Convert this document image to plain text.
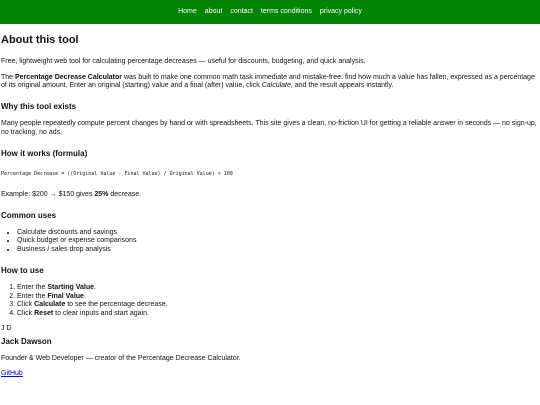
Home about contact terms conditions privacy policy
About this tool

Free, lightweight web tool for calculating percentage decreases — useful for discounts, budgeting, and quick analysis.

The Percentage Decrease Calculator was built to make one common math task immediate and mistake-free: find how much a value has fallen, expressed as a percentage of its original amount. Enter an original (starting) value and a final (after) value, click Calculate, and the result appears instantly.

Why this tool exists

Many people repeatedly compute percent changes by hand or with spreadsheets. This site gives a clean, no-friction UI for getting a reliable answer in seconds — no sign-up, no tracking, no ads.

How it works (formula)

Percentage Decrease = ((Original Value - Final Value) / Original Value) × 100

Example: $200 → $150 gives 25% decrease.

Common uses
• Calculate discounts and savings
• Quick budget or expense comparisons
• Business / sales drop analysis
How to use
1. Enter the Starting Value.
2. Enter the Final Value.
3. Click Calculate to see the percentage decrease.
4. Click Reset to clear inputs and start again.
J D
Jack Dawson

Founder & Web Developer — creator of the Percentage Decrease Calculator.

GitHub
